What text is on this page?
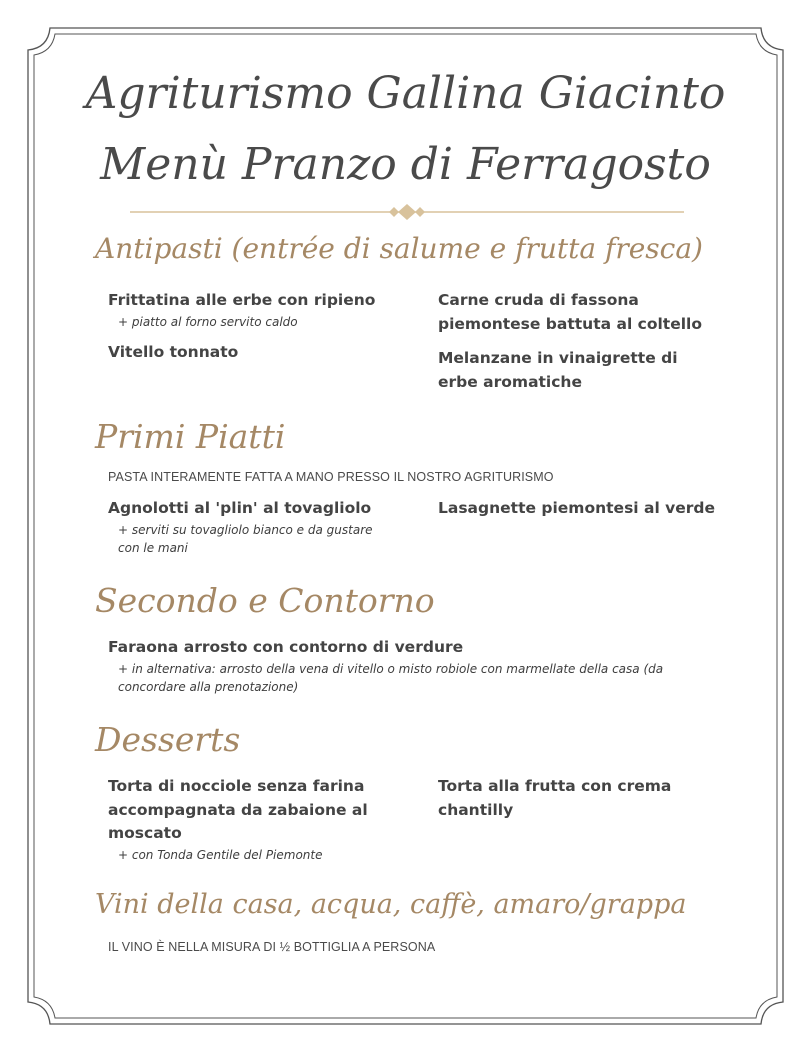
Agriturismo Gallina Giacinto
Menù Pranzo di Ferragosto
Antipasti (entrée di salume e frutta fresca)
Frittatina alle erbe con ripieno
+ piatto al forno servito caldo
Carne cruda di fassona piemontese battuta al coltello
Vitello tonnato	Melanzane in vinaigrette di erbe aromatiche
Primi Piatti
PASTA INTERAMENTE FATTA A MANO PRESSO IL NOSTRO AGRITURISMO
Agnolotti al 'plin' al tovagliolo
+ serviti su tovagliolo bianco e da gustare con le mani
Lasagnette piemontesi al verde
Secondo e Contorno
Faraona arrosto con contorno di verdure
+ in alternativa: arrosto della vena di vitello o misto robiole con marmellate della casa (da concordare alla prenotazione)
Desserts
Torta di nocciole senza farina accompagnata da zabaione al moscato
+ con Tonda Gentile del Piemonte
Torta alla frutta con crema chantilly
Vini della casa, acqua, caffè, amaro/grappa
IL VINO È NELLA MISURA DI ½ BOTTIGLIA A PERSONA
